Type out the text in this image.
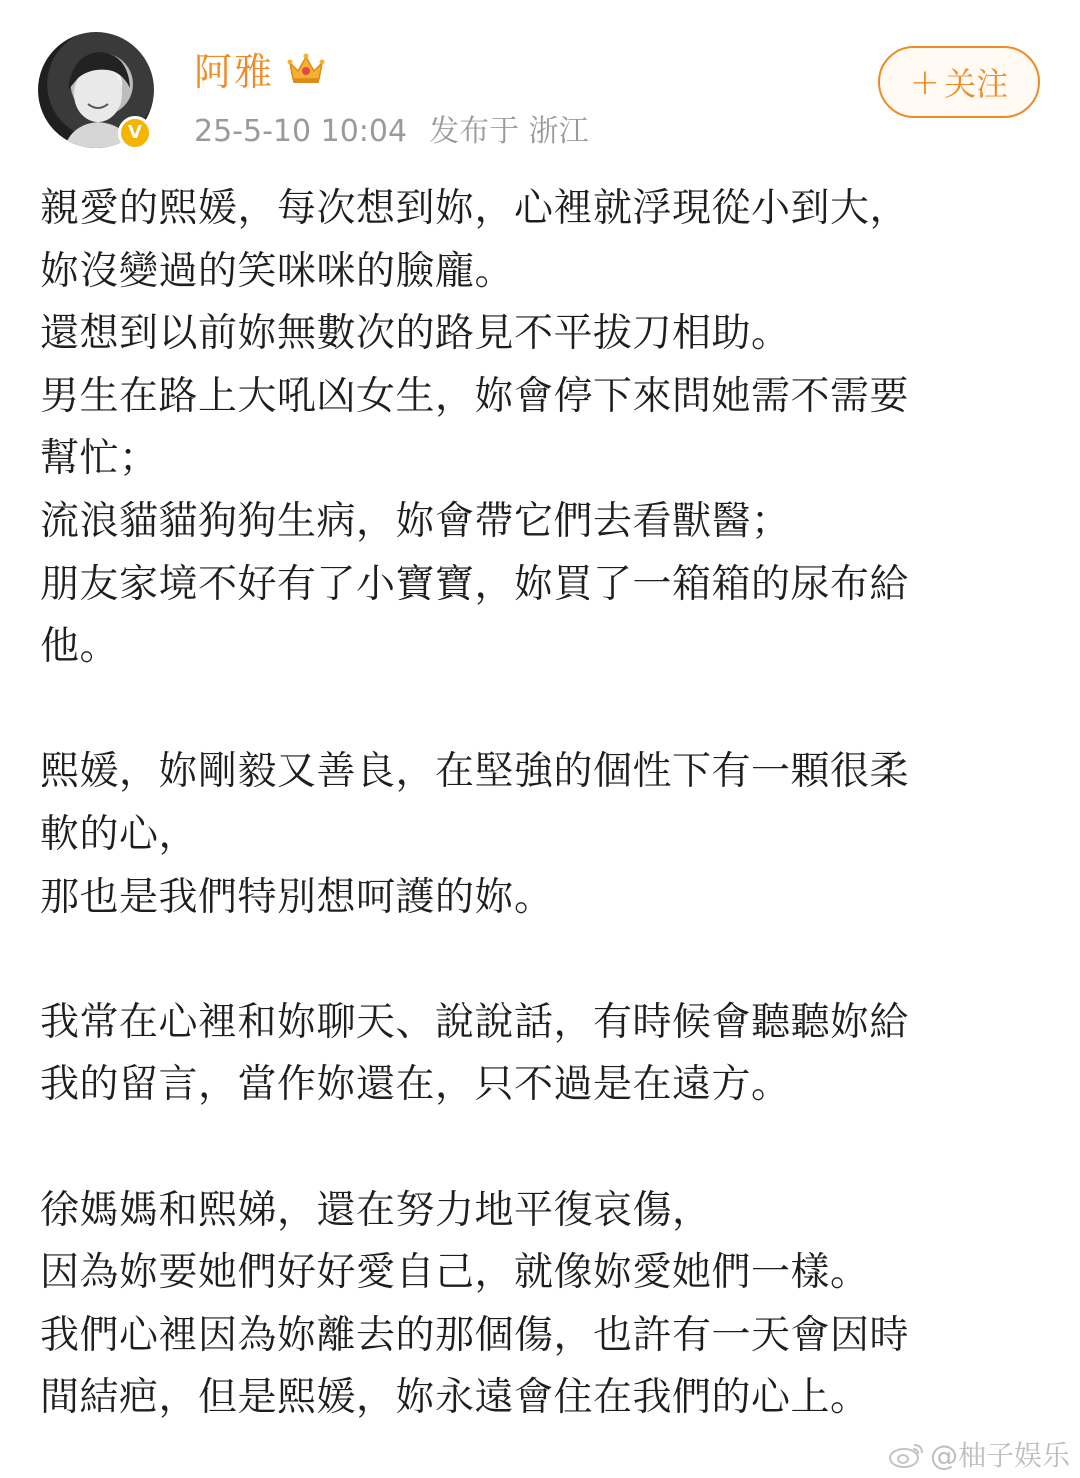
V
阿雅
25-5-10 10:04 发布于 浙江
+ 关注
親愛的熙媛，每次想到妳，心裡就浮現從小到大，
妳沒變過的笑咪咪的臉龐。
還想到以前妳無數次的路見不平拔刀相助。
男生在路上大吼凶女生，妳會停下來問她需不需要
幫忙；
流浪貓貓狗狗生病，妳會帶它們去看獸醫；
朋友家境不好有了小寶寶，妳買了一箱箱的尿布給
他。
熙媛，妳剛毅又善良，在堅強的個性下有一顆很柔
軟的心，
那也是我們特別想呵護的妳。
我常在心裡和妳聊天、說說話，有時候會聽聽妳給
我的留言，當作妳還在，只不過是在遠方。
徐媽媽和熙娣，還在努力地平復哀傷，
因為妳要她們好好愛自己，就像妳愛她們一樣。
我們心裡因為妳離去的那個傷，也許有一天會因時
間結疤，但是熙媛，妳永遠會住在我們的心上。
@柚子娱乐
